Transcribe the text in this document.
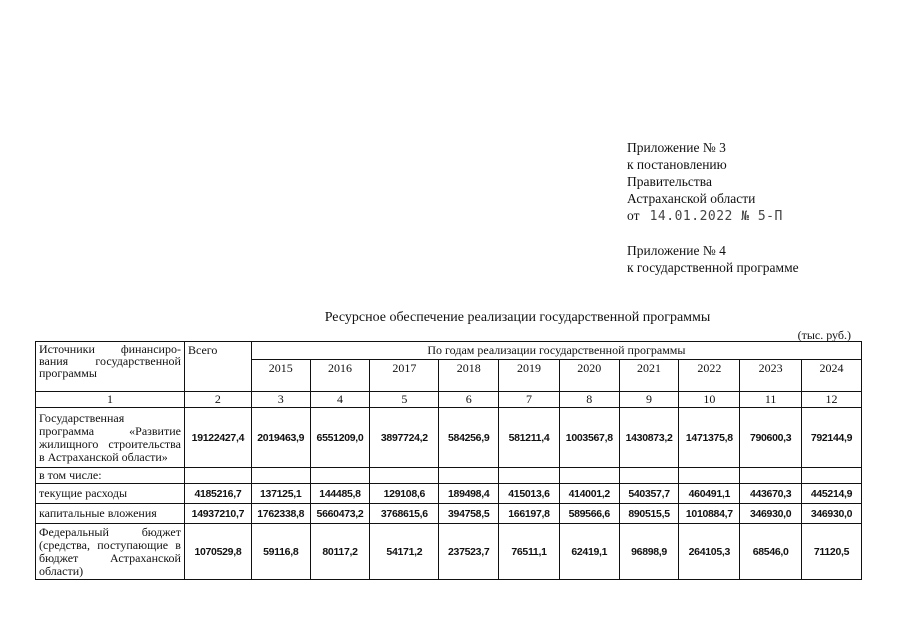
Приложение № 3
к постановлению
Правительства
Астраханской области
от 14.01.2022 № 5-П
Приложение № 4
к государственной программе
Ресурсное обеспечение реализации государственной программы
(тыс. руб.)
Источники финансиро-вания государственной программы	Всего	По годам реализации государственной программы									
		2015	2016	2017	2018	2019	2020	2021	2022	2023	2024
1	2	3	4	5	6	7	8	9	10	11	12
Государственная программа «Развитие жилищного строительства в Астраханской области»	19122427,4	2019463,9	6551209,0	3897724,2	584256,9	581211,4	1003567,8	1430873,2	1471375,8	790600,3	792144,9
в том числе:											
текущие расходы	4185216,7	137125,1	144485,8	129108,6	189498,4	415013,6	414001,2	540357,7	460491,1	443670,3	445214,9
капитальные вложения	14937210,7	1762338,8	5660473,2	3768615,6	394758,5	166197,8	589566,6	890515,5	1010884,7	346930,0	346930,0
Федеральный бюджет (средства, поступающие в бюджет Астраханской области)	1070529,8	59116,8	80117,2	54171,2	237523,7	76511,1	62419,1	96898,9	264105,3	68546,0	71120,5
